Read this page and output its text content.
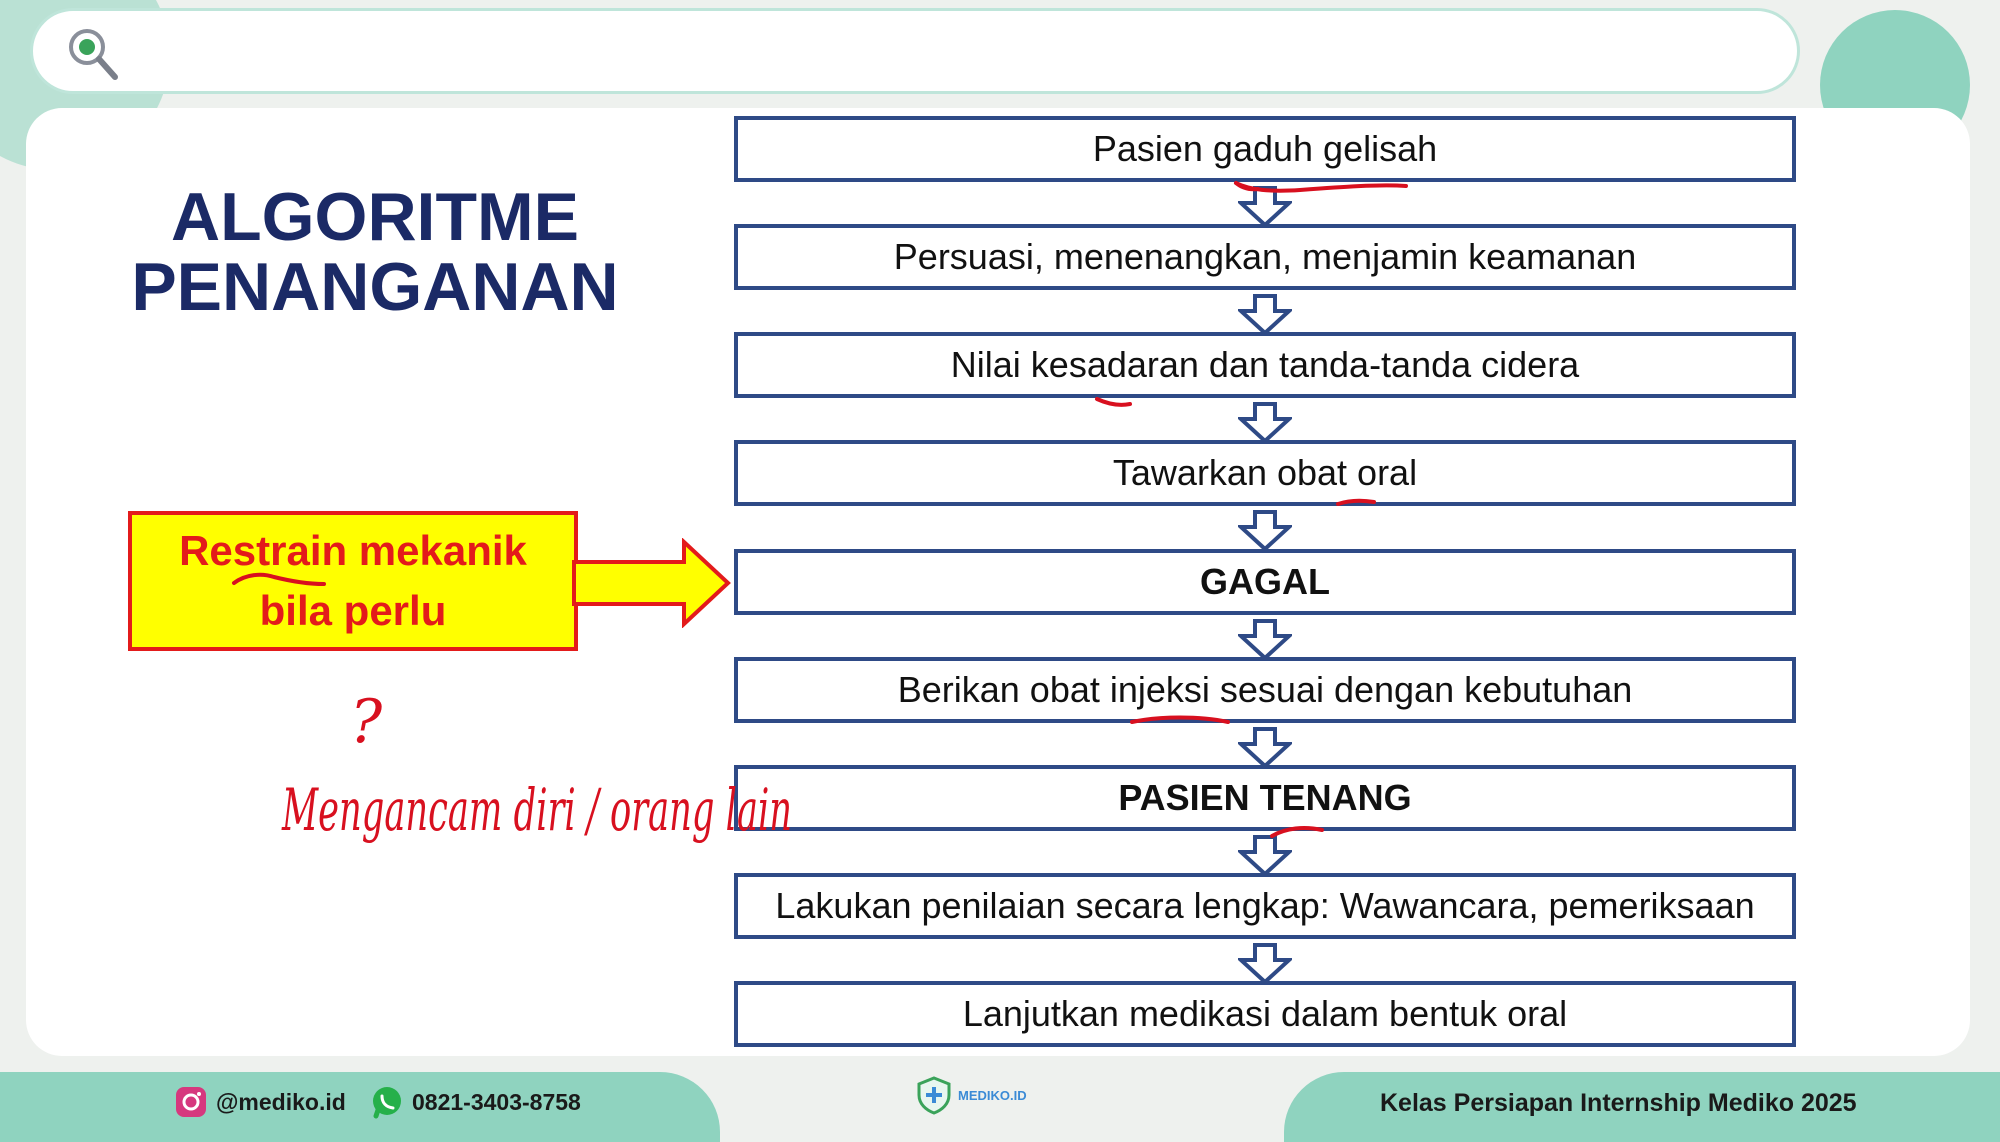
ALGORITME
PENANGANAN
Pasien gaduh gelisah
Persuasi, menenangkan, menjamin keamanan
Nilai kesadaran dan tanda-tanda cidera
Tawarkan obat oral
GAGAL
Berikan obat injeksi sesuai dengan kebutuhan
PASIEN TENANG
Lakukan penilaian secara lengkap: Wawancara, pemeriksaan
Lanjutkan medikasi dalam bentuk oral
Restrain mekanik
bila perlu
?
Mengancam diri / orang lain
@mediko.id	0821-3403-8758	MEDIKO.ID	Kelas Persiapan Internship Mediko 2025
